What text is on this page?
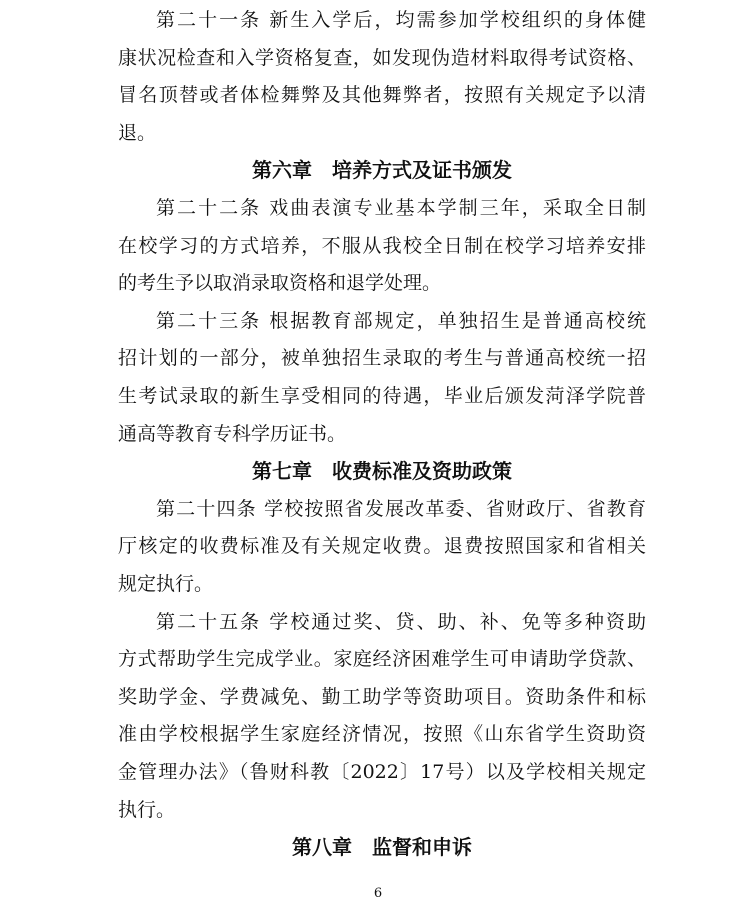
第二十一条 新生入学后，均需参加学校组织的身体健
康状况检查和入学资格复查，如发现伪造材料取得考试资格、
冒名顶替或者体检舞弊及其他舞弊者，按照有关规定予以清
退。
第六章　培养方式及证书颁发
第二十二条 戏曲表演专业基本学制三年，采取全日制
在校学习的方式培养，不服从我校全日制在校学习培养安排
的考生予以取消录取资格和退学处理。
第二十三条 根据教育部规定，单独招生是普通高校统
招计划的一部分，被单独招生录取的考生与普通高校统一招
生考试录取的新生享受相同的待遇，毕业后颁发菏泽学院普
通高等教育专科学历证书。
第七章　收费标准及资助政策
第二十四条 学校按照省发展改革委、省财政厅、省教育
厅核定的收费标准及有关规定收费。退费按照国家和省相关
规定执行。
第二十五条 学校通过奖、贷、助、补、免等多种资助
方式帮助学生完成学业。家庭经济困难学生可申请助学贷款、
奖助学金、学费减免、勤工助学等资助项目。资助条件和标
准由学校根据学生家庭经济情况，按照《山东省学生资助资
金管理办法》（鲁财科教〔2022〕17号）以及学校相关规定
执行。
第八章　监督和申诉
6
